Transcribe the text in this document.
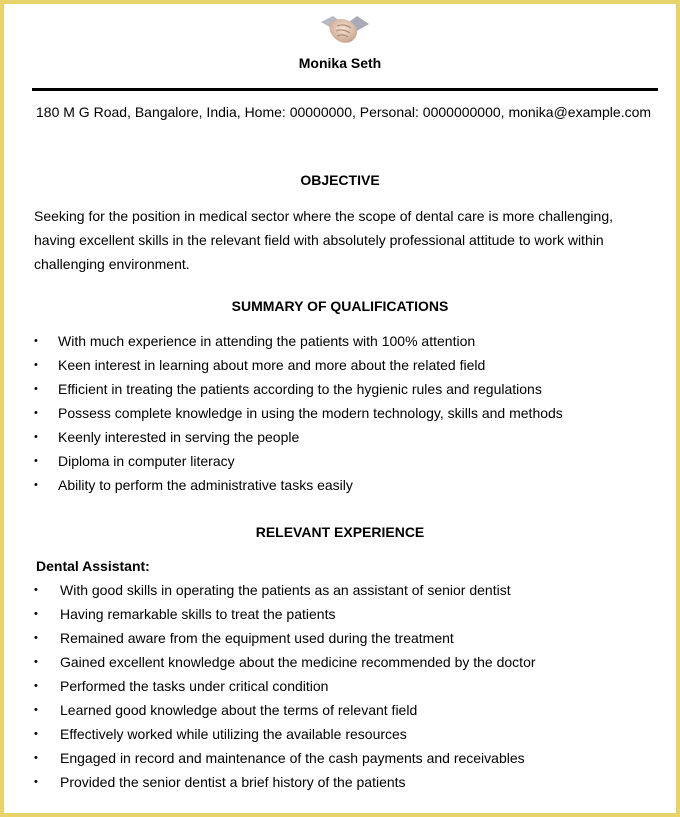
Monika Seth
180 M G Road, Bangalore, India, Home: 00000000, Personal: 0000000000, monika@example.com
OBJECTIVE

Seeking for the position in medical sector where the scope of dental care is more challenging, having excellent skills in the relevant field with absolutely professional attitude to work within challenging environment.

SUMMARY OF QUALIFICATIONS
• With much experience in attending the patients with 100% attention
• Keen interest in learning about more and more about the related field
• Efficient in treating the patients according to the hygienic rules and regulations
• Possess complete knowledge in using the modern technology, skills and methods
• Keenly interested in serving the people
• Diploma in computer literacy
• Ability to perform the administrative tasks easily
RELEVANT EXPERIENCE
Dental Assistant:
• With good skills in operating the patients as an assistant of senior dentist
• Having remarkable skills to treat the patients
• Remained aware from the equipment used during the treatment
• Gained excellent knowledge about the medicine recommended by the doctor
• Performed the tasks under critical condition
• Learned good knowledge about the terms of relevant field
• Effectively worked while utilizing the available resources
• Engaged in record and maintenance of the cash payments and receivables
• Provided the senior dentist a brief history of the patients
